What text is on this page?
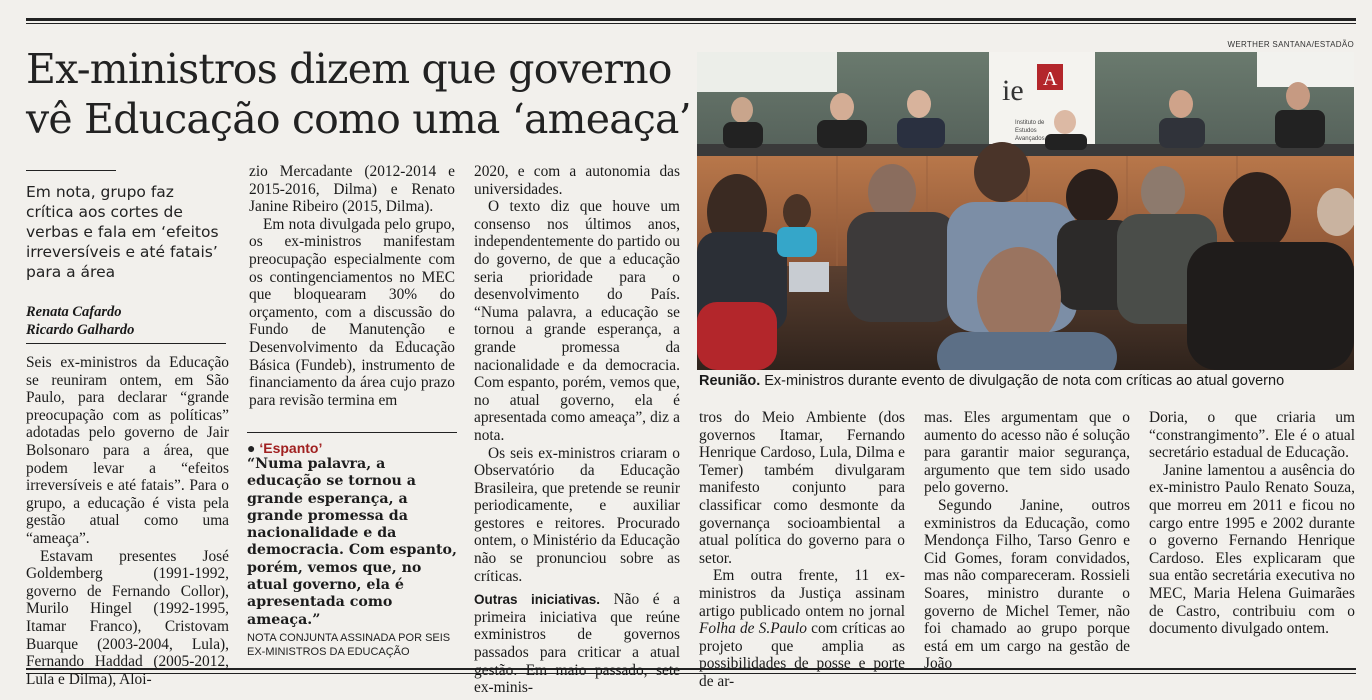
Ex-ministros dizem que governo
vê Educação como uma ‘ameaça’
WERTHER SANTANA/ESTADÃO
ie A
Instituto de
Estudos
Avançados
Reunião. Ex-ministros durante evento de divulgação de nota com críticas ao atual governo
Em nota, grupo faz crítica aos cortes de verbas e fala em ‘efeitos irreversíveis e até fatais’ para a área
Renata Cafardo
Ricardo Galhardo

Seis ex-ministros da Educação se reuniram ontem, em São Paulo, para declarar “grande preocupação com as políticas” adotadas pelo governo de Jair Bolsonaro para a área, que podem levar a “efeitos irreversíveis e até fatais”. Para o grupo, a educação é vista pela gestão atual como uma “ameaça”.

Estavam presentes José Goldemberg (1991-1992, governo de Fernando Collor), Murilo Hingel (1992-1995, Itamar Franco), Cristovam Buarque (2003-2004, Lula), Fernando Haddad (2005-2012, Lula e Dilma), Aloi-

zio Mercadante (2012-2014 e 2015-2016, Dilma) e Renato Janine Ribeiro (2015, Dilma).

Em nota divulgada pelo grupo, os ex-ministros manifestam preocupação especialmente com os contingenciamentos no MEC que bloquearam 30% do orçamento, com a discussão do Fundo de Manutenção e Desenvolvimento da Educação Básica (Fundeb), instrumento de financiamento da área cujo prazo para revisão termina em

● ‘Espanto’
“Numa palavra, a educação se tornou a grande esperança, a grande promessa da nacionalidade e da democracia. Com espanto, porém, vemos que, no atual governo, ela é apresentada como ameaça.”
NOTA CONJUNTA ASSINADA POR SEIS EX-MINISTROS DA EDUCAÇÃO

2020, e com a autonomia das universidades.

O texto diz que houve um consenso nos últimos anos, independentemente do partido ou do governo, de que a educação seria prioridade para o desenvolvimento do País. “Numa palavra, a educação se tornou a grande esperança, a grande promessa da nacionalidade e da democracia. Com espanto, porém, vemos que, no atual governo, ela é apresentada como ameaça”, diz a nota.

Os seis ex-ministros criaram o Observatório da Educação Brasileira, que pretende se reunir periodicamente, e auxiliar gestores e reitores. Procurado ontem, o Ministério da Educação não se pronunciou sobre as críticas.

Outras iniciativas. Não é a primeira iniciativa que reúne exministros de governos passados para criticar a atual gestão. Em maio passado, sete ex-minis-

tros do Meio Ambiente (dos governos Itamar, Fernando Henrique Cardoso, Lula, Dilma e Temer) também divulgaram manifesto conjunto para classificar como desmonte da governança socioambiental a atual política do governo para o setor.

Em outra frente, 11 ex-ministros da Justiça assinam artigo publicado ontem no jornal Folha de S.Paulo com críticas ao projeto que amplia as possibilidades de posse e porte de ar-

mas. Eles argumentam que o aumento do acesso não é solução para garantir maior segurança, argumento que tem sido usado pelo governo.

Segundo Janine, outros exministros da Educação, como Mendonça Filho, Tarso Genro e Cid Gomes, foram convidados, mas não compareceram. Rossieli Soares, ministro durante o governo de Michel Temer, não foi chamado ao grupo porque está em um cargo na gestão de João

Doria, o que criaria um “constrangimento”. Ele é o atual secretário estadual de Educação.

Janine lamentou a ausência do ex-ministro Paulo Renato Souza, que morreu em 2011 e ficou no cargo entre 1995 e 2002 durante o governo Fernando Henrique Cardoso. Eles explicaram que sua então secretária executiva no MEC, Maria Helena Guimarães de Castro, contribuiu com o documento divulgado ontem.
